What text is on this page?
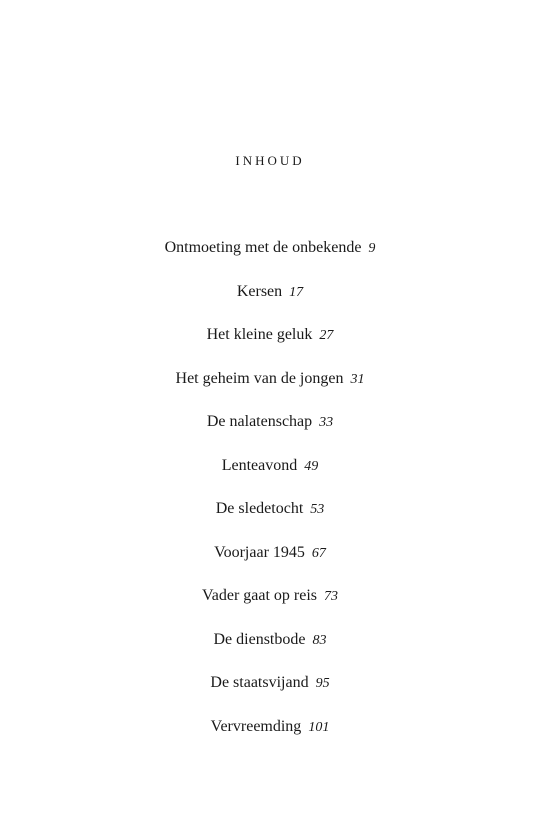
INHOUD
Ontmoeting met de onbekende 9
Kersen 17
Het kleine geluk 27
Het geheim van de jongen 31
De nalatenschap 33
Lenteavond 49
De sledetocht 53
Voorjaar 1945 67
Vader gaat op reis 73
De dienstbode 83
De staatsvijand 95
Vervreemding 101
